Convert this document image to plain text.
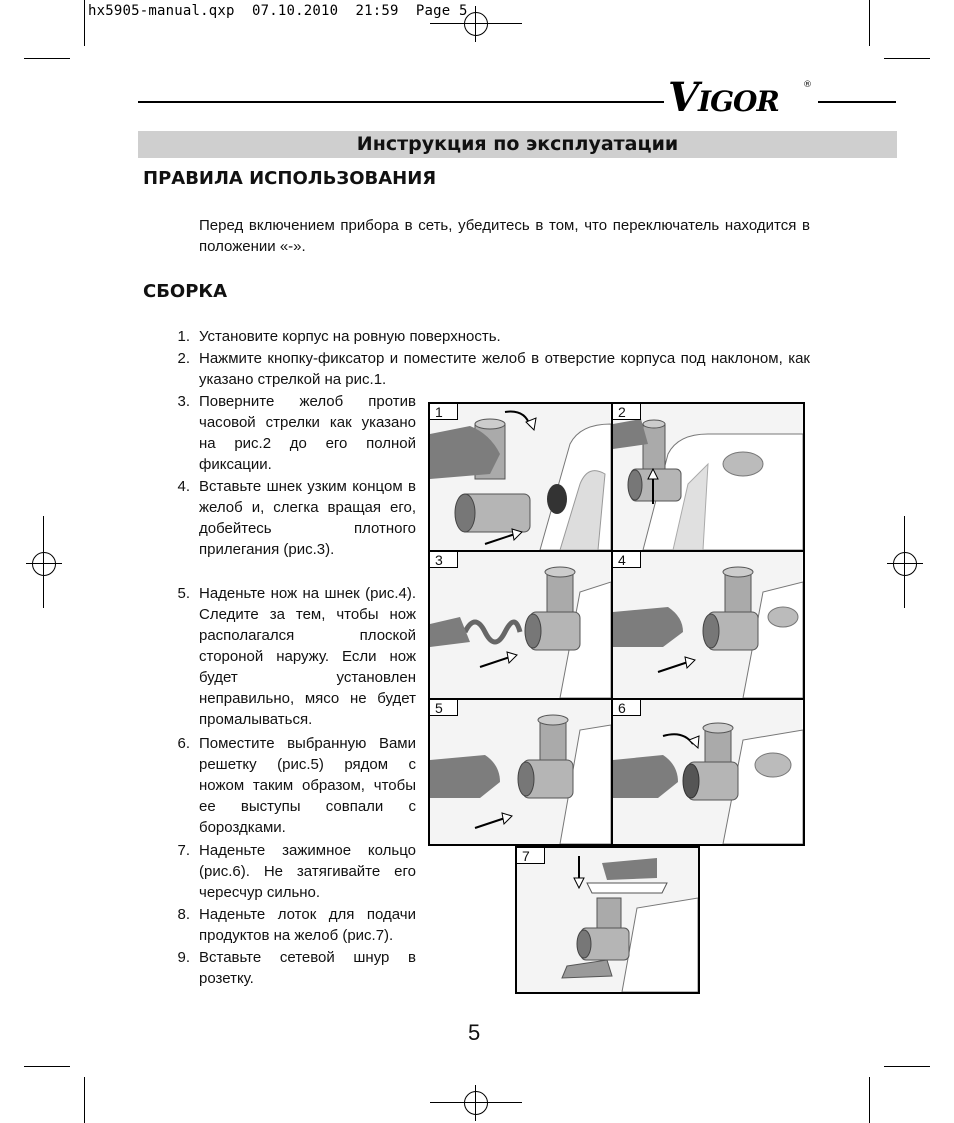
hx5905-manual.qxp  07.10.2010  21:59  Page 5
VIGOR	®
Инструкция по эксплуатации
ПРАВИЛА ИСПОЛЬЗОВАНИЯ
Перед включением прибора в сеть, убедитесь в том, что переключатель находится в положении «-».
СБОРКА
1. Установите корпус на ровную поверхность.
2. Нажмите кнопку-фиксатор и поместите желоб в отверстие корпуса под наклоном, как указано стрелкой на рис.1.
3. Поверните желоб против часовой стрелки как указано на рис.2 до его полной фиксации.
4. Вставьте шнек узким концом в желоб и, слегка вращая его, добейтесь плотного прилегания (рис.3).
5. Наденьте нож на шнек (рис.4). Следите за тем, чтобы нож располагался плоской стороной наружу. Если нож будет установлен неправильно, мясо не будет промалываться.
6. Поместите выбранную Вами решетку (рис.5) рядом с ножом таким образом, чтобы ее выступы совпали с бороздками.
7. Наденьте зажимное кольцо (рис.6). Не затягивайте его чересчур сильно.
8. Наденьте лоток для подачи продуктов на желоб (рис.7).
9. Вставьте сетевой шнур в розетку.
1	2
3	4
5	6
7
5
